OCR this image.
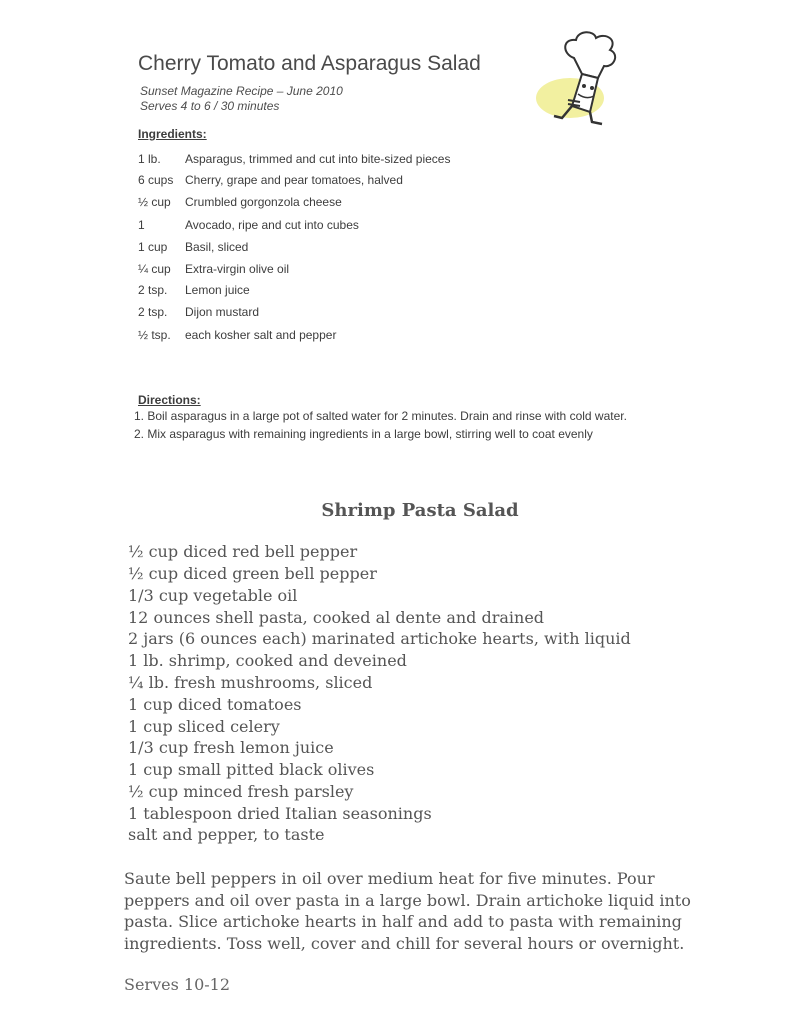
Cherry Tomato and Asparagus Salad
Sunset Magazine Recipe – June 2010
Serves 4 to 6 / 30 minutes
Ingredients:
1 lb.	Asparagus, trimmed and cut into bite-sized pieces
6 cups Cherry, grape and pear tomatoes, halved
½ cup	Crumbled gorgonzola cheese
1	Avocado, ripe and cut into cubes
1 cup	Basil, sliced
¼ cup	Extra-virgin olive oil
2 tsp.	Lemon juice
2 tsp.	Dijon mustard
½ tsp.	each kosher salt and pepper
Directions:
1. Boil asparagus in a large pot of salted water for 2 minutes. Drain and rinse with cold water.
2. Mix asparagus with remaining ingredients in a large bowl, stirring well to coat evenly
Shrimp Pasta Salad
½ cup diced red bell pepper
½ cup diced green bell pepper
1/3 cup vegetable oil
12 ounces shell pasta, cooked al dente and drained
2 jars (6 ounces each) marinated artichoke hearts, with liquid
1 lb. shrimp, cooked and deveined
¼ lb. fresh mushrooms, sliced
1 cup diced tomatoes
1 cup sliced celery
1/3 cup fresh lemon juice
1 cup small pitted black olives
½ cup minced fresh parsley
1 tablespoon dried Italian seasonings
salt and pepper, to taste
Saute bell peppers in oil over medium heat for five minutes. Pour
peppers and oil over pasta in a large bowl. Drain artichoke liquid into
pasta. Slice artichoke hearts in half and add to pasta with remaining
ingredients. Toss well, cover and chill for several hours or overnight.
Serves 10-12
